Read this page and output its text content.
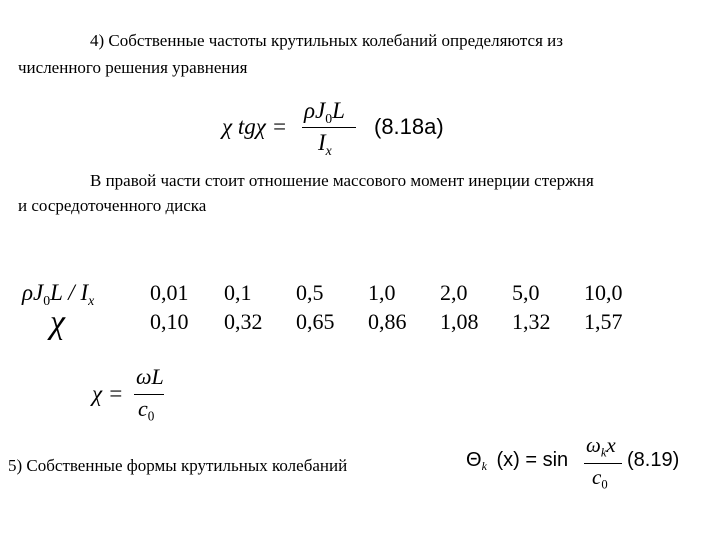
4) Собственные частоты крутильных колебаний определяются из
численного решения уравнения
χ tgχ =
$\rho J_0L$
$I_x$
(8.18a)
В правой части стоит отношение массового момент инерции стержня
и сосредоточенного диска
$\rho J_0L / I_x$
χ
0,01 0,1 0,5 1,0 2,0 5,0 10,0
0,10 0,32 0,65 0,86 1,08 1,32 1,57
χ =
ωL
$c_0$
5) Собственные формы крутильных колебаний	$\Theta_k$ (x) = sin
$\omega_kx$
$c_0$
(8.19)
